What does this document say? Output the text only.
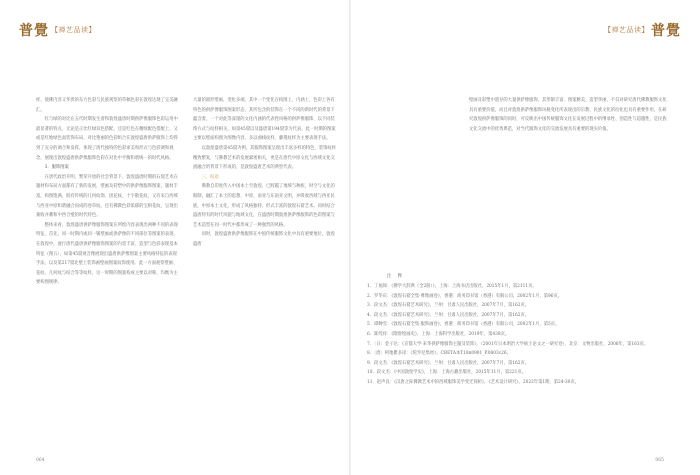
普覺 【禅艺品读】	【禅艺品读】 普覺

样，使佛内容又华贵的东方色彩与民族观察的草稿色彩在敦煌达现了完美融汇。

红与绿的对比在五代时期发生着和敦煌盛唐时期供萨像服饰色彩运用中最显著的特点，无论是正比红绿双色搭配，还是红色在精绿配色搭配上，又或是红地绿色面装饰布局，对比艳丽的色彩组合在敦煌盛唐供萨服饰上均得到了充分的调合和发挥，体现了唐代独特的色彩审美和形式与色彩调和观念，展现出敦煌盛唐供萨像服饰色彩在对比中平衡和谐统一的时代风格。

3．服饰图案

在唐代政治开明、繁荣开放的社会背景下，敦煌盛唐时期的石窟艺术在题材和布局方面都有了新的发展，壁画及彩塑中的供萨像服饰图案，题材丰富，构图饱满，既有传统的几何纹饰、团花纹、十字散花纹，又有来自西域与西亚中原和谐融合而成的卷草纹，还有佛教色彩浓郁的宝相花纹，呈现出兼收并蓄和中西合璧的时代特色。

整体来看，敦煌盛唐供萨像服饰图案在所绘内容表现出两种不同的表现特征，首先，同一时期内或同一铺壁画或供萨像的不同部位等图案的表现，在敦煌中，流行唐代盛唐供萨像服饰图案的内容丰富、造型与色彩表现基本特征（图五），如第45窟观音像展现出盛唐供萨像图案主要风格特征的表现手法，以及第217窟北壁上装饰画壁画图案纹饰使用。此一方面观察壁画、花纹、几何纹与结合等等纹样，这一时期的图案构成主要以对称、均衡为主要构图规律。

大量的圆形壁画，变化多端，其中一个变化在构图上、内涵上、色彩上各有特色的供萨像服饰图案形态，其所包含的装饰在一个不同的新时代的背景下蕴含着，一个对此等深邃的文化内涵的代表性风格的供萨像服饰，以不同装饰方式与纹样相关，如第45窟以及盛唐第194窟等为代表。此一时期的图案主要以壁面构图为图像内容，多以曲线纹样、藤蔓纹样为主要表现手法。

以敦煌盛唐第45窟为例，其服饰图案呈现出丰富多样的特色，装饰纹样精致繁复，与佛教艺术的发展紧密相关，更是在唐代中原文化与西域文化交流融合的背景下形成的，是敦煌盛唐艺术的典型代表。

三、结语

佛教自印度传入中国本土至敦煌，已跨越了地域与种族、时空与文化的限制，融汇了本土的思想、中原、南亚与东南亚文明，并吸收西域与西亚民族，中原本土文化，形成了风格独特、形式丰富的敦煌石窟艺术。同时结合盛唐特有的时代风貌与地域文化，在盛唐时期敦煌供萨像服饰的色彩图案与艺术造型在同一时代中都形成了一种强烈的风格。

同时，敦煌盛唐供萨像服饰在中国传统服饰文化中具有重要地位，敦煌盛唐

壁画及彩塑中遗存的大量供萨像服饰，其形制丰富、图案精美、造型华丽，不仅对研究唐代佛教服饰文化具有重要价值，而且对敦煌供萨像服饰风格变化所表现出的宗教、民族文化的衍化也具有重要作用，在研究敦煌供萨像服饰的同时，可反映出中国传统服饰文化在发展过程中的继承性、创造性与超越性，是民族文化交流中的优秀典范，对当代服饰文化的交流发展具有重要的现实价值。

注　释
1．丁福保：《佛学大辞典（全2册）》，上海：上海书店出版社，2015年1月，第2111页。
2．罗华庆：《敦煌石窟全集·尊像画卷》，香港：商务印书馆（香港）有限公司，2002年1月，第96页。
3．段文杰：《敦煌石窟艺术研究》，兰州：甘肃人民出版社，2007年7月，第162页。
4．段文杰：《敦煌石窟艺术研究》，兰州：甘肃人民出版社，2007年7月，第162页。
5．谭蝉雪：《敦煌石窟全集·服饰画卷》，香港：商务印书馆（香港）有限公司，2002年1月，第5页。
6．陈绶祥：《隋唐绘画史》，上海：上海科学出版社，2019年，第438页。
7．〔日〕金子达：《京都大学·来华供萨像服饰主题及装饰》，（2001年日本明治大学硕士论文之一研究卷），北京：文物出版社，2006年，第163页。
8．〔唐〕阿地瞿多译：《陀罗尼集经》，CBETA本T18n0901_P.0803c26。
9．段文杰：《敦煌石窟艺术研究》，兰州：甘肃人民出版社，2007年7月，第162页。
10．段文杰：《中国敦煌学史》，上海：上海古籍出版社，2015年11月，第221页。
11．赵声良：《汉唐之际佛教艺术中的西域服饰美学变迁探析》，《艺术设计研究》，2022年第1期，第24-30页。
064	065
